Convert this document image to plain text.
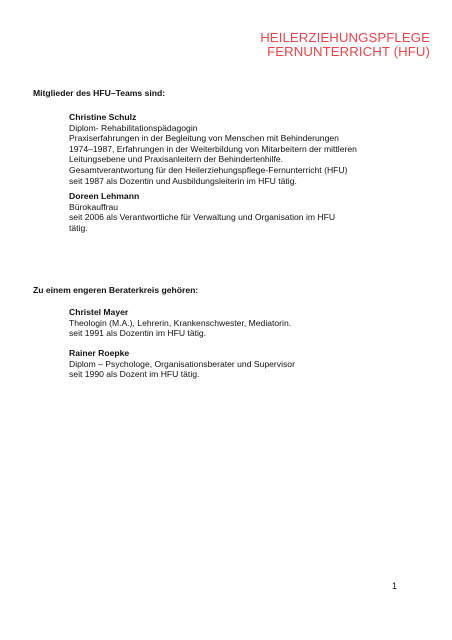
HEILERZIEHUNGSPFLEGE
FERNUNTERRICHT (HFU)
Mitglieder des HFU–Teams sind:
Christine Schulz
Diplom- Rehabilitationspädagogin
Praxiserfahrungen in der Begleitung von Menschen mit Behinderungen
1974–1987, Erfahrungen in der Weiterbildung von Mitarbeitern der mittleren
Leitungsebene und Praxisanleitern der Behindertenhilfe.
Gesamtverantwortung für den Heilerziehungspflege-Fernunterricht (HFU)
seit 1987 als Dozentin und Ausbildungsleiterin im HFU tätig.
Doreen Lehmann
Bürokauffrau
seit 2006 als Verantwortliche für Verwaltung und Organisation im HFU
tätig.
Zu einem engeren Beraterkreis gehören:
Christel Mayer
Theologin (M.A.), Lehrerin, Krankenschwester, Mediatorin.
seit 1991 als Dozentin im HFU tätig.
Rainer Roepke
Diplom – Psychologe, Organisationsberater und Supervisor
seit 1990 als Dozent im HFU tätig.
1
